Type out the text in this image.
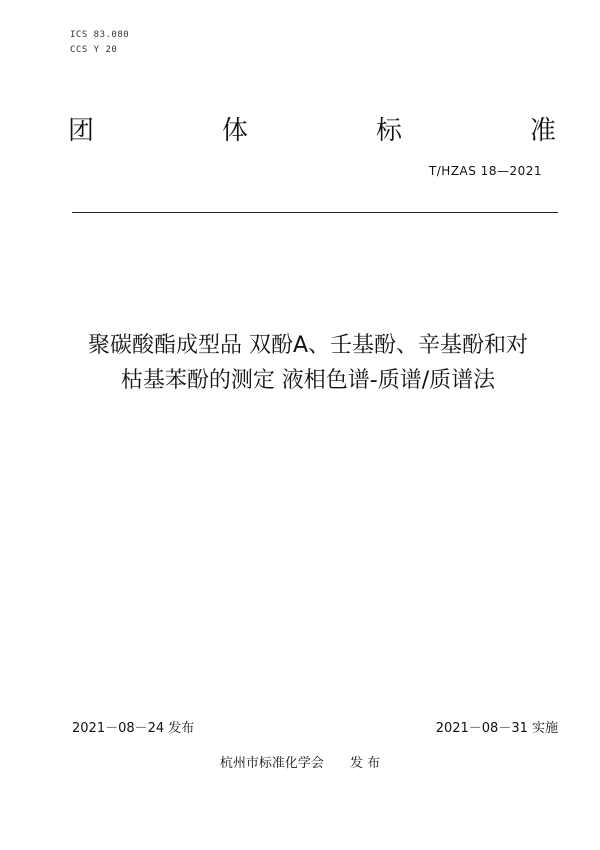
ICS 83.080
CCS Y 20
团	体	标	准
T/HZAS 18—2021
聚碳酸酯成型品 双酚A、壬基酚、辛基酚和对
枯基苯酚的测定 液相色谱-质谱/质谱法
2021－08－24 发布	2021－08－31 实施
杭州市标准化学会 发 布
